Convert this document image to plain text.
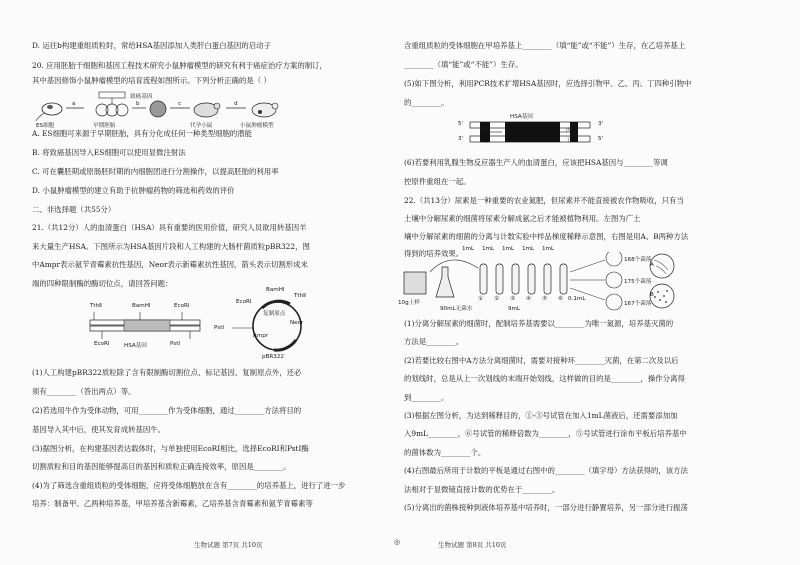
D. 运往b构建重组质粒时，常给HSA基因添加人类肝白蛋白基因的启动子

20. 应用胚胎干细胞和基因工程技术研究小鼠肿瘤模型的研究有利于癌症治疗方案的制订，

其中基因修饰小鼠肿瘤模型的培育流程如图所示。下列分析正确的是（ ）

A. ES细胞可来源于早期胚胎，具有分化成任何一种类型细胞的潜能

B. 将致癌基因导入ES细胞可以使用显微注射法

C. 可在囊胚期或原肠胚时期的内细胞团进行分割操作，以提高胚胎的利用率

D. 小鼠肿瘤模型的建立有助于抗肿瘤药物的筛选和药效的评价

二、非选择题（共55分）

21.（共12分）人的血清蛋白（HSA）具有重要的医用价值，研究人员欲用转基因羊

来大量生产HSA。下图所示为HSA基因片段和人工构建的大肠杆菌质粒pBR322，图

中Ampr表示氨苄青霉素抗性基因，Neor表示新霉素抗性基因，箭头表示切割形成末

端的四种限制酶的酶切位点，请回答问题：

(1)人工构建pBR322质粒除了含有限制酶切割位点、标记基因、复制原点外，还必

须有________（答出两点）等。

(2)若选用牛作为受体动物，可用________作为受体细胞，通过________方法将目的

基因导入其中后，使其发育成转基因牛。

(3)据图分析，在构建基因表达载体时，与单独使用EcoRI相比，选择EcoRI和PstI酶

切割质粒和目的基因能够提高目的基因和质粒正确连接效率，原因是________。

(4)为了筛选含重组质粒的受体细胞，应将受体细胞放在含有________的培养基上，进行了进一步

培养：制备甲、乙两种培养基，甲培养基含新霉素，乙培养基含青霉素和氨苄青霉素等

a
致癌基因
b	c	d
ES细胞	早期胚胎	代孕小鼠	小鼠肿瘤模型
TthⅡ	BamHⅠ	EcoRⅠ
EcoRⅠ	HSA基因	PstⅠ
BamHⅠ
EcoRⅠ
TthⅡ
复制原点
Neor
PstⅠ
Ampr
pBR322

含重组质粒的受体细胞在甲培养基上________（填“能”或“不能”）生存，在乙培养基上

________（填“能”或“不能”）生存。

(5)如下图分析，利用PCR技术扩增HSA基因时，应选择引物甲、乙、丙、丁四种引物中

的________。

(6)若要利用乳腺生物反应器生产人的血清蛋白，应该把HSA基因与________等调

控原件重组在一起。

22.（共13分）尿素是一种重要的农业氮肥，但尿素并不能直接被农作物吸收，只有当

土壤中分解尿素的细菌将尿素分解成氨之后才能被植物利用。左图为广土

壤中分解尿素的细菌的分离与计数实验中样品梯度稀释示意图，右图是用A、B两种方法

得到的培养效果。

(1)分离分解尿素的细菌时，配制培养基需要以________为唯一氮源，培养基灭菌的

方法是________。

(2)若要比较右图中A方法分离细菌时，需要对接种环________灭菌，在第二次及以后

的划线时，总是从上一次划线的末端开始划线，这样做的目的是________，操作分离得

到________。

(3)根据左图分析，为达到稀释目的，①-⑤号试管在加入1mL菌液后，还需要添加加

入9mL________，⑥号试管的稀释倍数为________，⑤号试管进行涂布平板后培养基中

的菌体数为________个。

(4)右图最后所用于计数的平板是通过右图中的________（填字母）方法获得的，该方法

法相对于显微镜直接计数的优势在于________。

(5)分离出的菌株接种到液体培养基中培养时，一部分进行静置培养，另一部分进行振荡

HSA基因
5'	3'
3'	5'
甲
乙
丙
丁
1mL 1mL 1mL 1mL 1mL
10g土样
90mL无菌水
① ② ③ ④ ⑤ ⑥
9mL
0.1mL
168个菌落
175个菌落
167个菌落
A
B
生物试题 第7页 共10页	◎	生物试题 第8页 共10页
